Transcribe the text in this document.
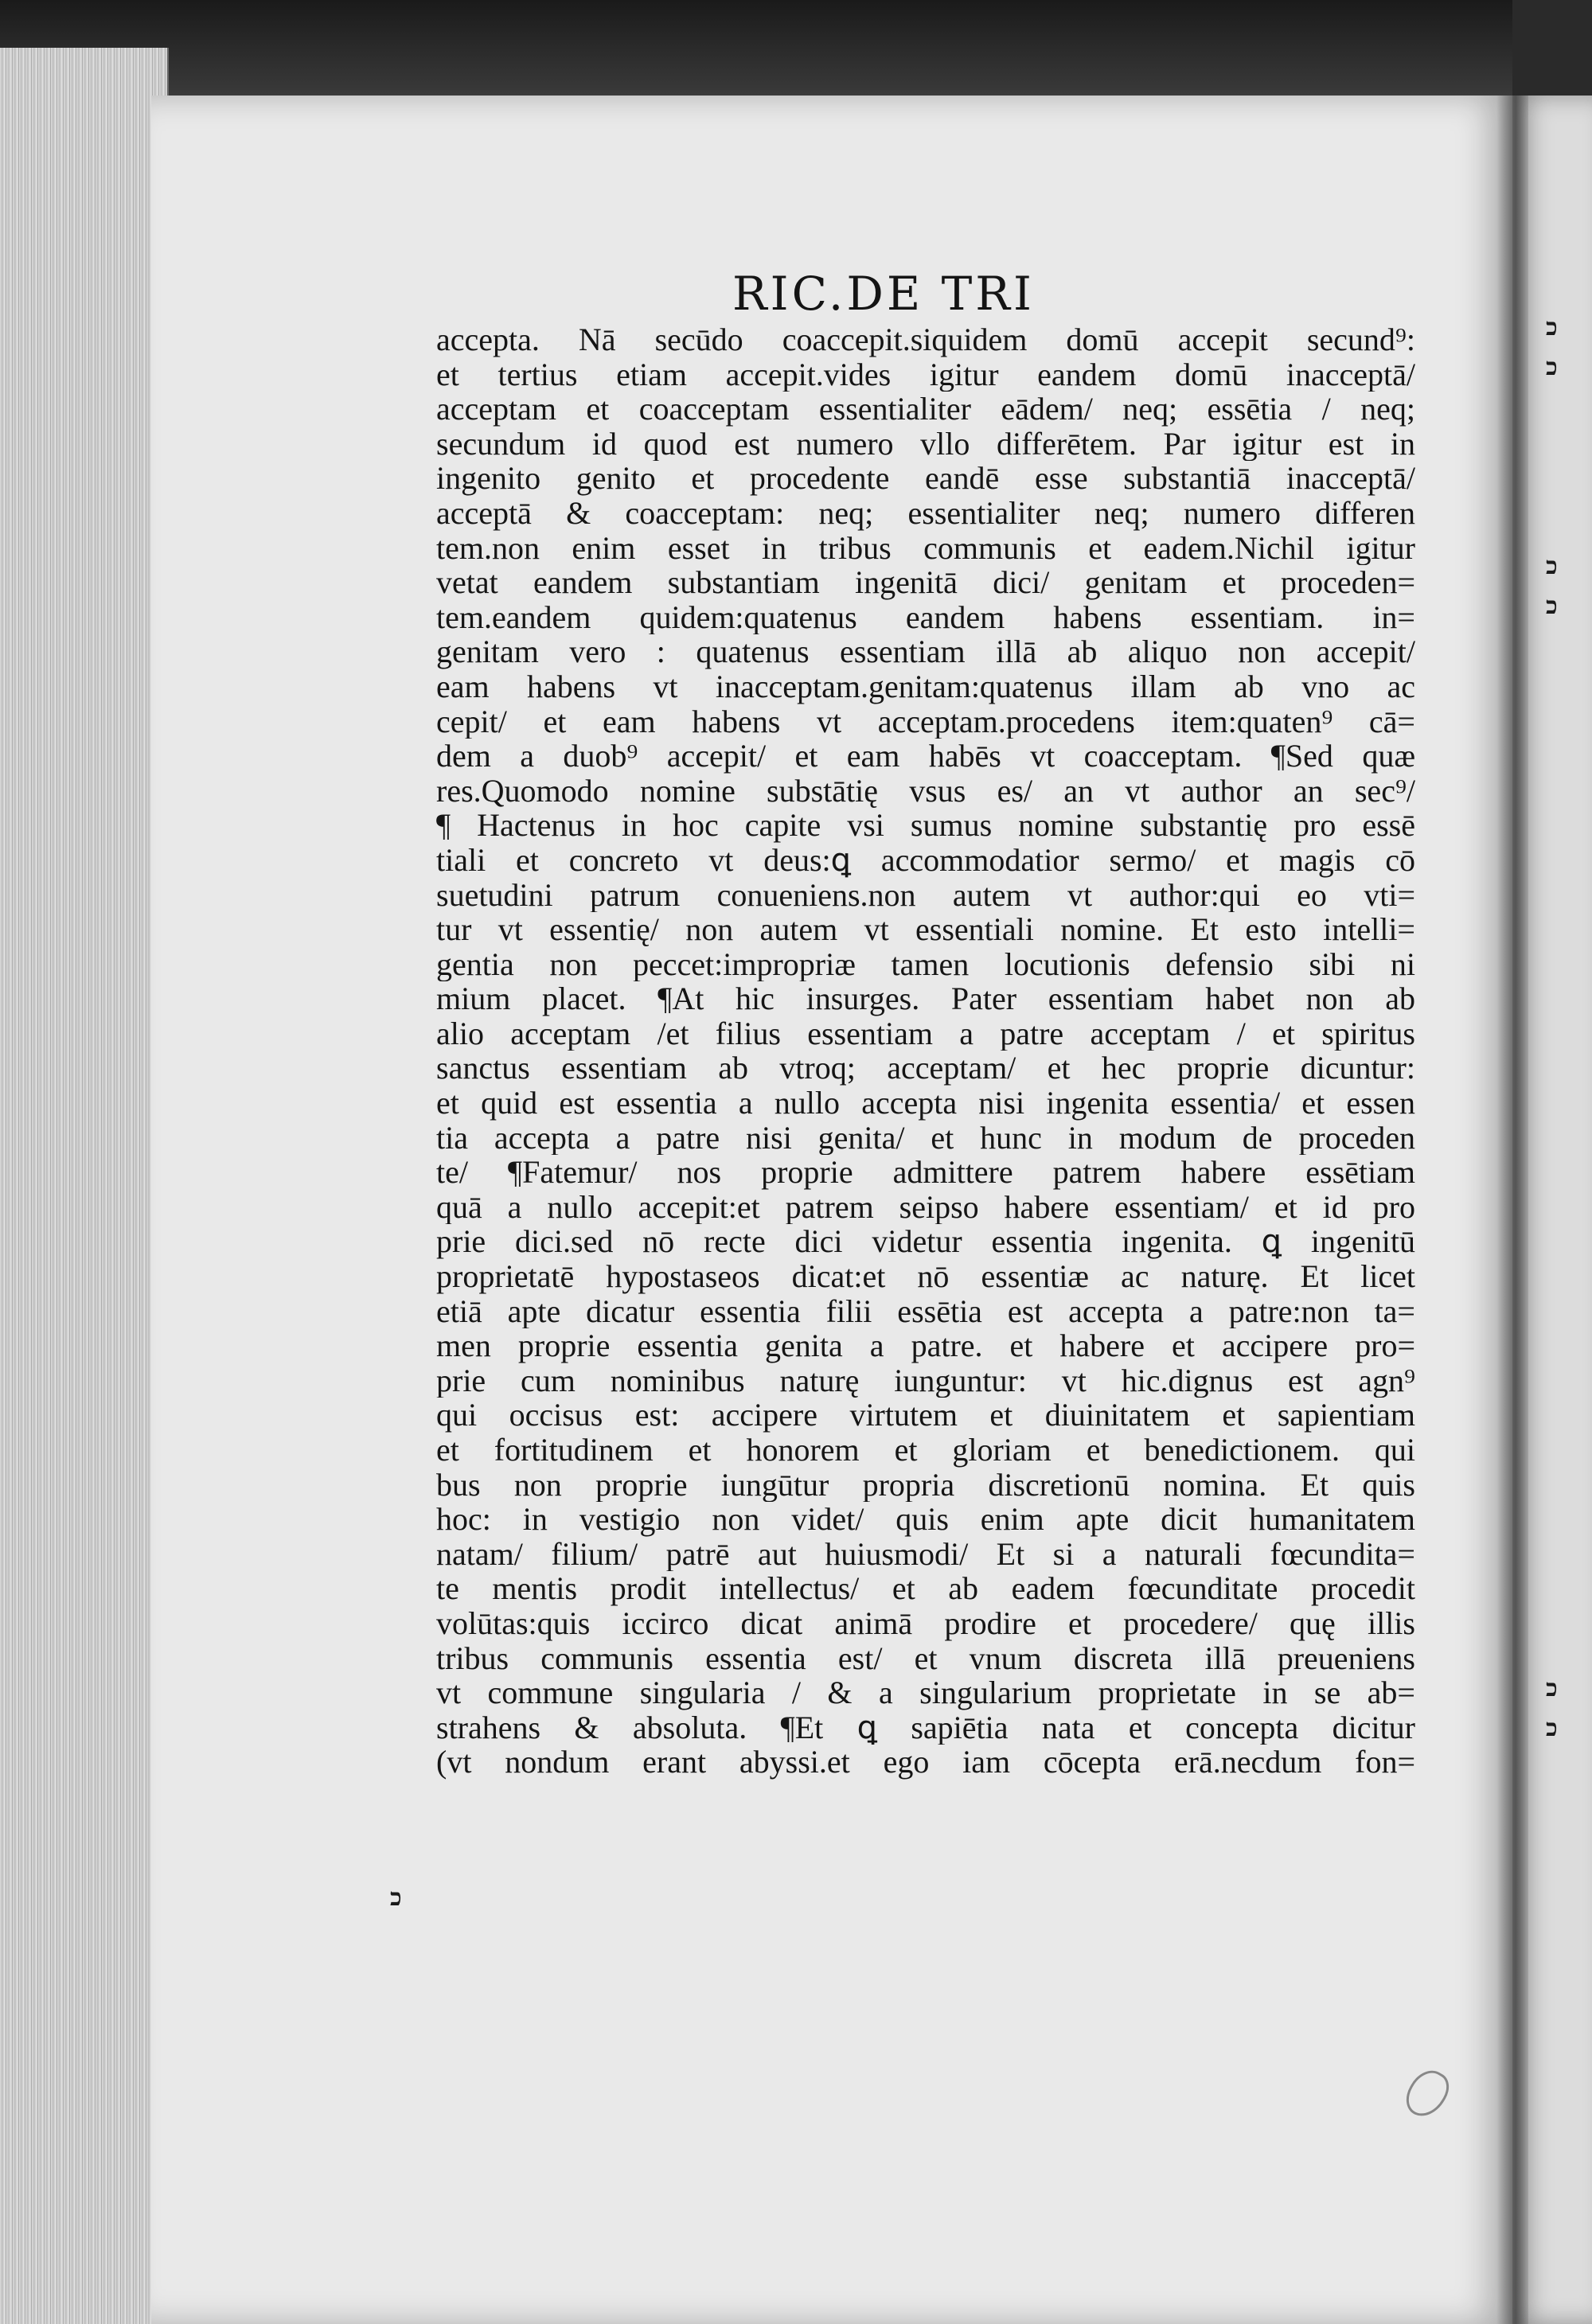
RIC.DE TRI
כ
כ
כ
כ
כ
כ
כ
accepta. Nā secūdo coaccepit.siquidem domū accepit secund⁹:
et tertius etiam accepit.vides igitur eandem domū inacceptā/
acceptam et coacceptam essentialiter eādem/ neq; essētia / neq;
secundum id quod est numero vllo differētem. Par igitur est in
ingenito genito et procedente eandē esse substantiā inacceptā/
acceptā & coacceptam: neq; essentialiter neq; numero differen
tem.non enim esset in tribus communis et eadem.Nichil igitur
vetat eandem substantiam ingenitā dici/ genitam et proceden=
tem.eandem quidem:quatenus eandem habens essentiam. in=
genitam vero : quatenus essentiam illā ab aliquo non accepit/
eam habens vt inacceptam.genitam:quatenus illam ab vno ac
cepit/ et eam habens vt acceptam.procedens item:quaten⁹ cā=
dem a duob⁹ accepit/ et eam habēs vt coacceptam. ¶Sed quæ
res.Quomodo nomine substātię vsus es/ an vt author an sec⁹/
¶ Hactenus in hoc capite vsi sumus nomine substantię pro essē
tiali et concreto vt deus:ꝗ accommodatior sermo/ et magis cō
suetudini patrum conueniens.non autem vt author:qui eo vti=
tur vt essentię/ non autem vt essentiali nomine. Et esto intelli=
gentia non peccet:impropriæ tamen locutionis defensio sibi ni
mium placet. ¶At hic insurges. Pater essentiam habet non ab
alio acceptam /et filius essentiam a patre acceptam / et spiritus
sanctus essentiam ab vtroq; acceptam/ et hec proprie dicuntur:
et quid est essentia a nullo accepta nisi ingenita essentia/ et essen
tia accepta a patre nisi genita/ et hunc in modum de proceden
te/ ¶Fatemur/ nos proprie admittere patrem habere essētiam
quā a nullo accepit:et patrem seipso habere essentiam/ et id pro
prie dici.sed nō recte dici videtur essentia ingenita. ꝗ ingenitū
proprietatē hypostaseos dicat:et nō essentiæ ac naturę. Et licet
etiā apte dicatur essentia filii essētia est accepta a patre:non ta=
men proprie essentia genita a patre. et habere et accipere pro=
prie cum nominibus naturę iunguntur: vt hic.dignus est agn⁹
qui occisus est: accipere virtutem et diuinitatem et sapientiam
et fortitudinem et honorem et gloriam et benedictionem. qui
bus non proprie iungūtur propria discretionū nomina. Et quis
hoc: in vestigio non videt/ quis enim apte dicit humanitatem
natam/ filium/ patrē aut huiusmodi/ Et si a naturali fœcundita=
te mentis prodit intellectus/ et ab eadem fœcunditate procedit
volūtas:quis iccirco dicat animā prodire et procedere/ quę illis
tribus communis essentia est/ et vnum discreta illā preueniens
vt commune singularia / & a singularium proprietate in se ab=
strahens & absoluta. ¶Et ꝗ sapiētia nata et concepta dicitur
(vt nondum erant abyssi.et ego iam cōcepta erā.necdum fon=
